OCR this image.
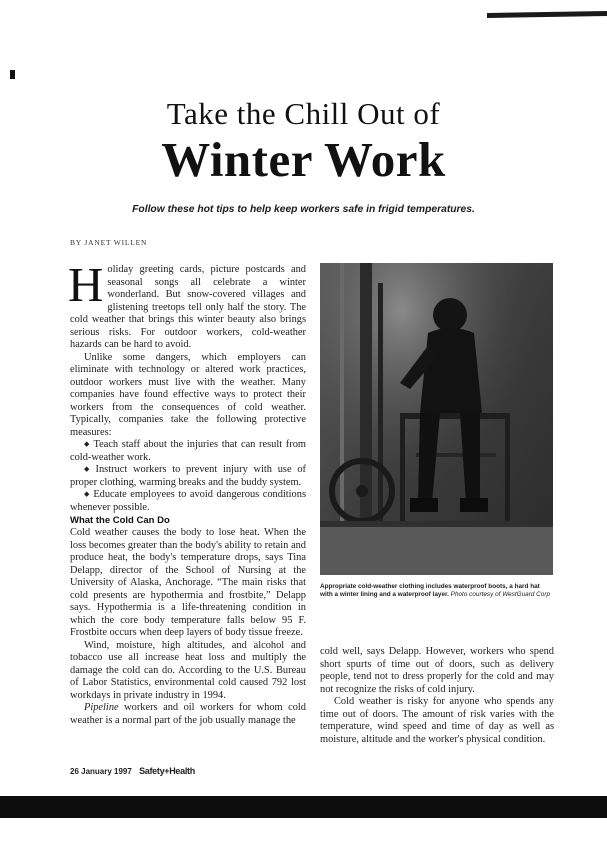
Take the Chill Out of
Winter Work
Follow these hot tips to help keep workers safe in frigid temperatures.
BY JANET WILLEN

Holiday greeting cards, picture postcards and seasonal songs all celebrate a winter wonderland. But snow-covered villages and glistening treetops tell only half the story. The cold weather that brings this winter beauty also brings serious risks. For outdoor workers, cold-weather hazards can be hard to avoid.

Unlike some dangers, which employers can eliminate with technology or altered work practices, outdoor workers must live with the weather. Many companies have found effective ways to protect their workers from the consequences of cold weather. Typically, companies take the following protective measures:

◆ Teach staff about the injuries that can result from cold-weather work.

◆ Instruct workers to prevent injury with use of proper clothing, warming breaks and the buddy system.

◆ Educate employees to avoid dangerous conditions whenever possible.

What the Cold Can Do

Cold weather causes the body to lose heat. When the loss becomes greater than the body's ability to retain and produce heat, the body's temperature drops, says Tina Delapp, director of the School of Nursing at the University of Alaska, Anchorage. “The main risks that cold presents are hypothermia and frostbite,” Delapp says. Hypothermia is a life-threatening condition in which the core body temperature falls below 95 F. Frostbite occurs when deep layers of body tissue freeze.

Wind, moisture, high altitudes, and alcohol and tobacco use all increase heat loss and multiply the damage the cold can do. According to the U.S. Bureau of Labor Statistics, environmental cold caused 792 lost workdays in private industry in 1994.

Pipeline workers and oil workers for whom cold weather is a normal part of the job usually manage the

Appropriate cold-weather clothing includes waterproof boots, a hard hat with a winter lining and a waterproof layer. Photo courtesy of WestGuard Corp

cold well, says Delapp. However, workers who spend short spurts of time out of doors, such as delivery people, tend not to dress properly for the cold and may not recognize the risks of cold injury.

Cold weather is risky for anyone who spends any time out of doors. The amount of risk varies with the temperature, wind speed and time of day as well as moisture, altitude and the worker's physical condition.

26 January 1997 Safety+Health
